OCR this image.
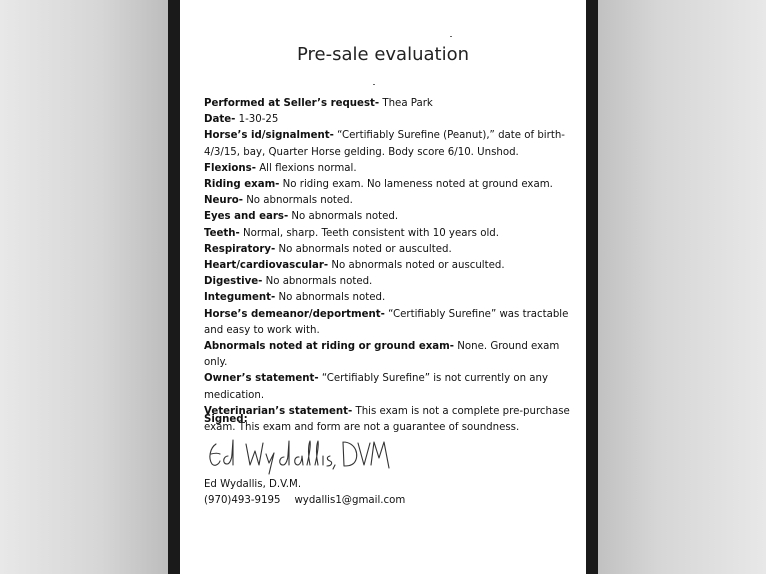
Pre-sale evaluation

Performed at Seller’s request- Thea Park

Date- 1-30-25

Horse’s id/signalment- “Certifiably Surefine (Peanut),” date of birth-4/3/15, bay, Quarter Horse gelding. Body score 6/10. Unshod.

Flexions- All flexions normal.

Riding exam- No riding exam. No lameness noted at ground exam.

Neuro- No abnormals noted.

Eyes and ears- No abnormals noted.

Teeth- Normal, sharp. Teeth consistent with 10 years old.

Respiratory- No abnormals noted or ausculted.

Heart/cardiovascular- No abnormals noted or ausculted.

Digestive- No abnormals noted.

Integument- No abnormals noted.

Horse’s demeanor/deportment- “Certifiably Surefine” was tractable and easy to work with.

Abnormals noted at riding or ground exam- None. Ground exam only.

Owner’s statement- “Certifiably Surefine” is not currently on any medication.

Veterinarian’s statement- This exam is not a complete pre-purchase exam. This exam and form are not a guarantee of soundness.

Signed:
Ed Wydallis, D.V.M.
(970)493-9195 wydallis1@gmail.com
